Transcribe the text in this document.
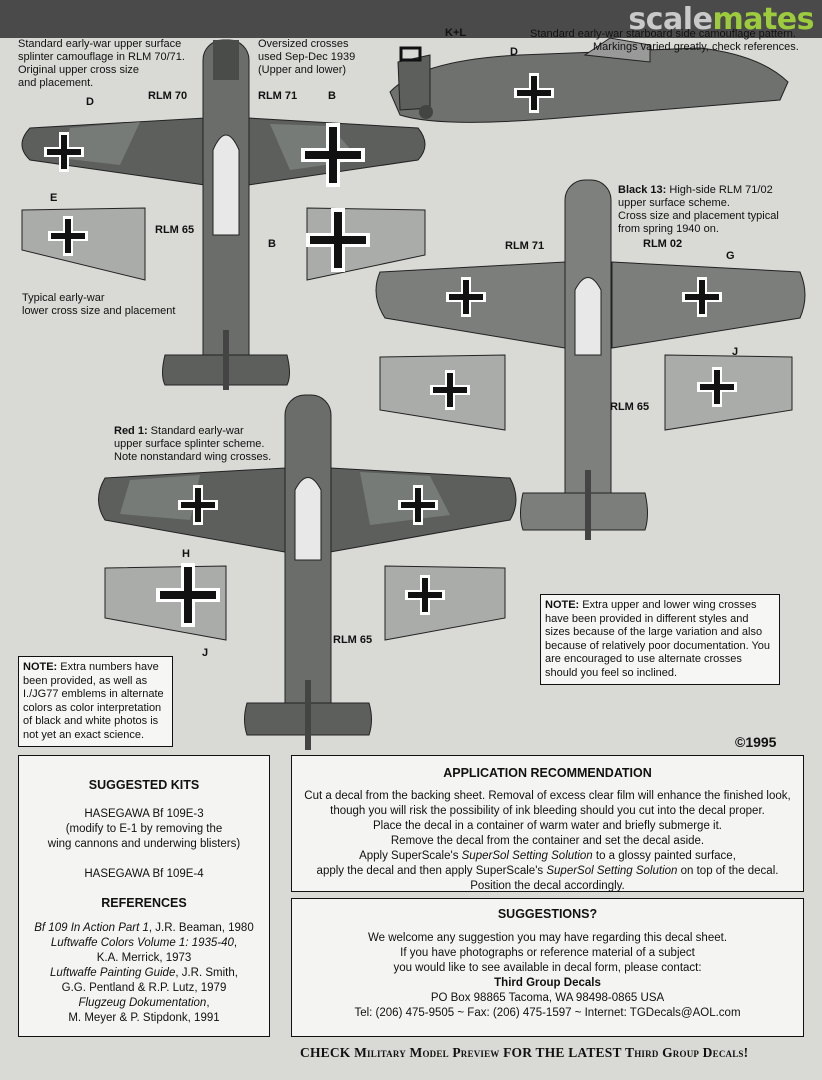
scalemates
Standard early-war upper surface
splinter camouflage in RLM 70/71.
Original upper cross size
and placement.
Oversized crosses
used Sep-Dec 1939
(Upper and lower)
Standard early-war starboard side camouflage pattern.
Markings varied greatly, check references.
K+L
D
D	RLM 70	RLM 71	B
E
RLM 65
B
Typical early-war
lower cross size and placement
Black 13: High-side RLM 71/02
upper surface scheme.
Cross size and placement typical
from spring 1940 on.
RLM 71	RLM 02
G
J
RLM 65
Red 1: Standard early-war
upper surface splinter scheme.
Note nonstandard wing crosses.
H
J
RLM 65
NOTE: Extra upper and lower wing crosses have been provided in different styles and sizes because of the large variation and also because of relatively poor documentation. You are encouraged to use alternate crosses should you feel so inclined.
NOTE: Extra numbers have been provided, as well as I./JG77 emblems in alternate colors as color interpretation of black and white photos is not yet an exact science.	©1995
SUGGESTED KITS
HASEGAWA Bf 109E-3
(modify to E-1 by removing the
wing cannons and underwing blisters)
HASEGAWA Bf 109E-4
REFERENCES
Bf 109 In Action Part 1, J.R. Beaman, 1980
Luftwaffe Colors Volume 1: 1935-40,
K.A. Merrick, 1973
Luftwaffe Painting Guide, J.R. Smith,
G.G. Pentland & R.P. Lutz, 1979
Flugzeug Dokumentation,
M. Meyer & P. Stipdonk, 1991
APPLICATION RECOMMENDATION
Cut a decal from the backing sheet. Removal of excess clear film will enhance the finished look,
though you will risk the possibility of ink bleeding should you cut into the decal proper.
Place the decal in a container of warm water and briefly submerge it.
Remove the decal from the container and set the decal aside.
Apply SuperScale's SuperSol Setting Solution to a glossy painted surface,
apply the decal and then apply SuperScale's SuperSol Setting Solution on top of the decal.
Position the decal accordingly.
SUGGESTIONS?
We welcome any suggestion you may have regarding this decal sheet.
If you have photographs or reference material of a subject
you would like to see available in decal form, please contact:
Third Group Decals
PO Box 98865 Tacoma, WA 98498-0865 USA
Tel: (206) 475-9505 ~ Fax: (206) 475-1597 ~ Internet: TGDecals@AOL.com
CHECK Military Model Preview FOR THE LATEST Third Group Decals!
